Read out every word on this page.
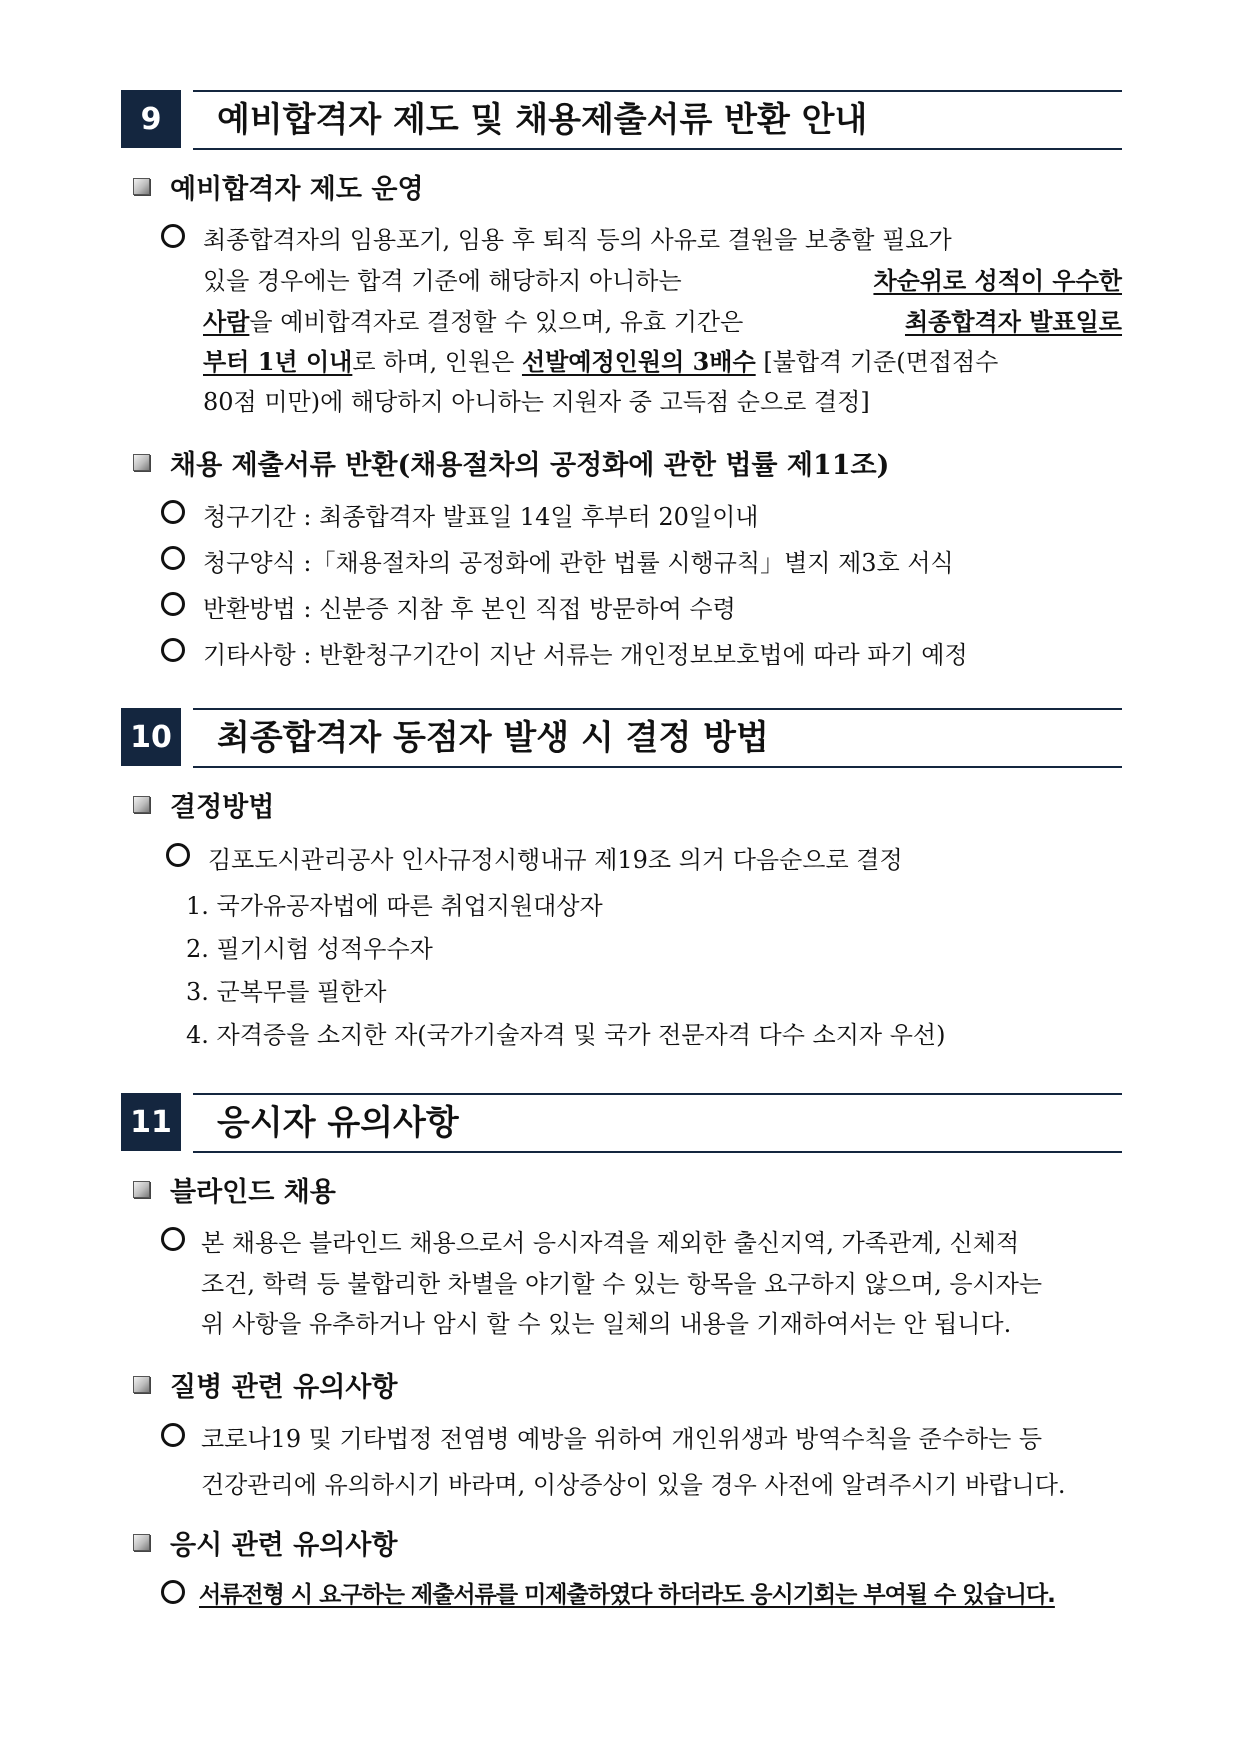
9	예비합격자 제도 및 채용제출서류 반환 안내
예비합격자 제도 운영
최종합격자의 임용포기, 임용 후 퇴직 등의 사유로 결원을 보충할 필요가
있을 경우에는 합격 기준에 해당하지 아니하는	차순위로 성적이 우수한
사람을 예비합격자로 결정할 수 있으며, 유효 기간은	최종합격자 발표일로
부터 1년 이내로 하며, 인원은 선발예정인원의 3배수 [불합격 기준(면접점수
80점 미만)에 해당하지 아니하는 지원자 중 고득점 순으로 결정]
채용 제출서류 반환(채용절차의 공정화에 관한 법률 제11조)
청구기간 : 최종합격자 발표일 14일 후부터 20일이내
청구양식 :「채용절차의 공정화에 관한 법률 시행규칙」별지 제3호 서식
반환방법 : 신분증 지참 후 본인 직접 방문하여 수령
기타사항 : 반환청구기간이 지난 서류는 개인정보보호법에 따라 파기 예정
10 최종합격자 동점자 발생 시 결정 방법
결정방법
김포도시관리공사 인사규정시행내규 제19조 의거 다음순으로 결정
1. 국가유공자법에 따른 취업지원대상자
2. 필기시험 성적우수자
3. 군복무를 필한자
4. 자격증을 소지한 자(국가기술자격 및 국가 전문자격 다수 소지자 우선)
11 응시자 유의사항
블라인드 채용
본 채용은 블라인드 채용으로서 응시자격을 제외한 출신지역, 가족관계, 신체적
조건, 학력 등 불합리한 차별을 야기할 수 있는 항목을 요구하지 않으며, 응시자는
위 사항을 유추하거나 암시 할 수 있는 일체의 내용을 기재하여서는 안 됩니다.
질병 관련 유의사항
코로나19 및 기타법정 전염병 예방을 위하여 개인위생과 방역수칙을 준수하는 등
건강관리에 유의하시기 바라며, 이상증상이 있을 경우 사전에 알려주시기 바랍니다.
응시 관련 유의사항
서류전형 시 요구하는 제출서류를 미제출하였다 하더라도 응시기회는 부여될 수 있습니다.
